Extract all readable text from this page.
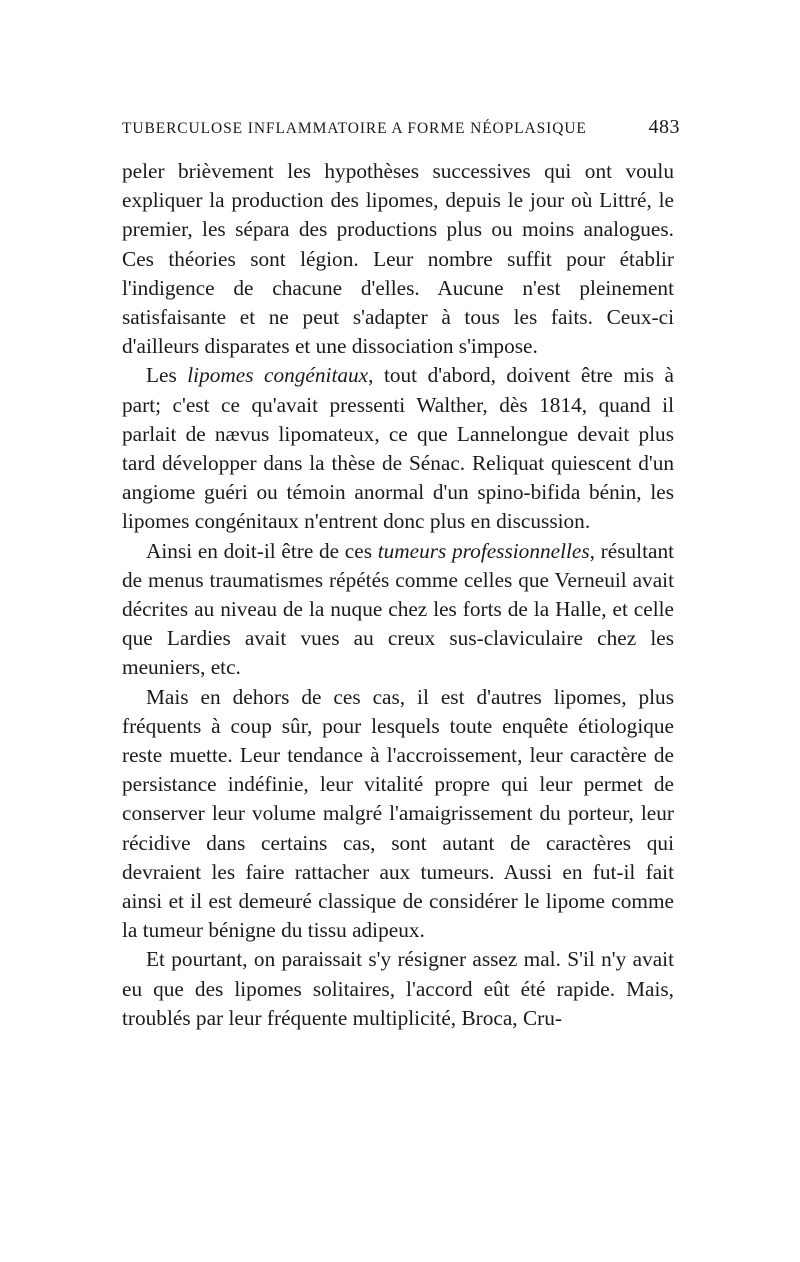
TUBERCULOSE INFLAMMATOIRE A FORME NÉOPLASIQUE	483

peler brièvement les hypothèses successives qui ont voulu expliquer la production des lipomes, depuis le jour où Littré, le premier, les sépara des productions plus ou moins analogues. Ces théories sont légion. Leur nombre suffit pour établir l'indigence de chacune d'elles. Aucune n'est pleinement satisfaisante et ne peut s'adapter à tous les faits. Ceux-ci d'ailleurs disparates et une dissociation s'impose.

Les lipomes congénitaux, tout d'abord, doivent être mis à part; c'est ce qu'avait pressenti Walther, dès 1814, quand il parlait de nævus lipomateux, ce que Lannelongue devait plus tard développer dans la thèse de Sénac. Reliquat quiescent d'un angiome guéri ou témoin anormal d'un spino-bifida bénin, les lipomes congénitaux n'entrent donc plus en discussion.

Ainsi en doit-il être de ces tumeurs professionnelles, résultant de menus traumatismes répétés comme celles que Verneuil avait décrites au niveau de la nuque chez les forts de la Halle, et celle que Lardies avait vues au creux sus-claviculaire chez les meuniers, etc.

Mais en dehors de ces cas, il est d'autres lipomes, plus fréquents à coup sûr, pour lesquels toute enquête étiologique reste muette. Leur tendance à l'accroissement, leur caractère de persistance indéfinie, leur vitalité propre qui leur permet de conserver leur volume malgré l'amaigrissement du porteur, leur récidive dans certains cas, sont autant de caractères qui devraient les faire rattacher aux tumeurs. Aussi en fut-il fait ainsi et il est demeuré classique de considérer le lipome comme la tumeur bénigne du tissu adipeux.

Et pourtant, on paraissait s'y résigner assez mal. S'il n'y avait eu que des lipomes solitaires, l'accord eût été rapide. Mais, troublés par leur fréquente multiplicité, Broca, Cru-
